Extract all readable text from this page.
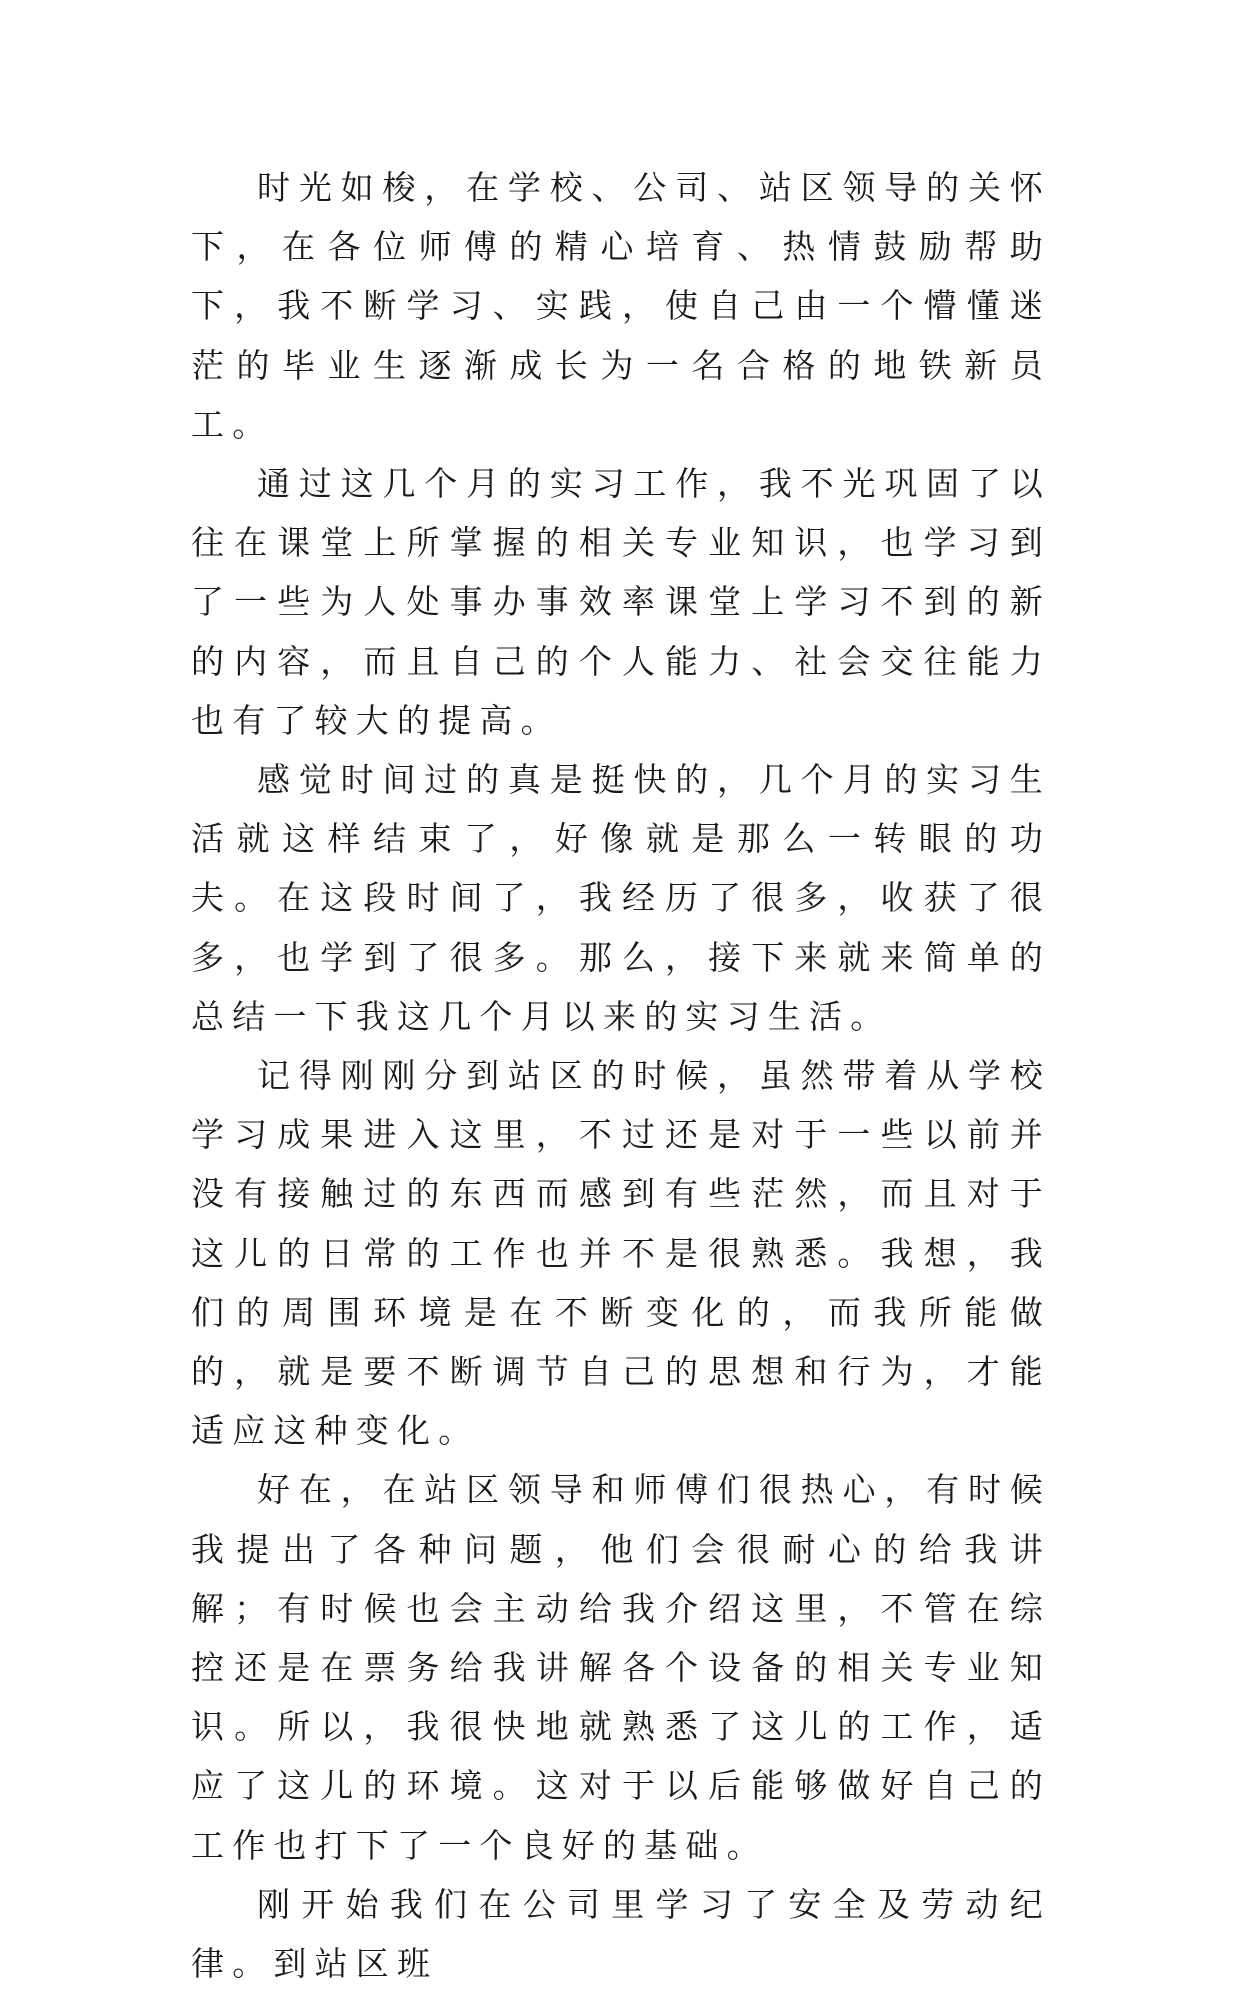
时光如梭，在学校、公司、站区领导的关怀下，在各位师傅的精心培育、热情鼓励帮助下，我不断学习、实践，使自己由一个懵懂迷茫的毕业生逐渐成长为一名合格的地铁新员工。

通过这几个月的实习工作，我不光巩固了以往在课堂上所掌握的相关专业知识，也学习到了一些为人处事办事效率课堂上学习不到的新的内容，而且自己的个人能力、社会交往能力也有了较大的提高。

感觉时间过的真是挺快的，几个月的实习生活就这样结束了，好像就是那么一转眼的功夫。在这段时间了，我经历了很多，收获了很多，也学到了很多。那么，接下来就来简单的总结一下我这几个月以来的实习生活。

记得刚刚分到站区的时候，虽然带着从学校学习成果进入这里，不过还是对于一些以前并没有接触过的东西而感到有些茫然，而且对于这儿的日常的工作也并不是很熟悉。我想，我们的周围环境是在不断变化的，而我所能做的，就是要不断调节自己的思想和行为，才能适应这种变化。

好在，在站区领导和师傅们很热心，有时候我提出了各种问题，他们会很耐心的给我讲解；有时候也会主动给我介绍这里，不管在综控还是在票务给我讲解各个设备的相关专业知识。所以，我很快地就熟悉了这儿的工作，适应了这儿的环境。这对于以后能够做好自己的工作也打下了一个良好的基础。

刚开始我们在公司里学习了安全及劳动纪律。到站区班
